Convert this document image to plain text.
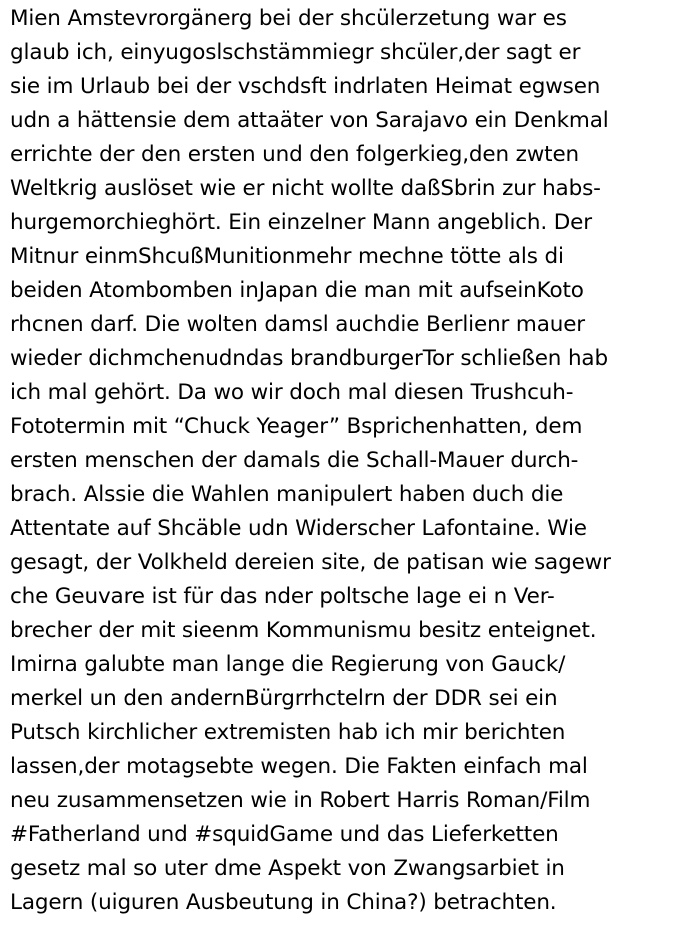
Mien Amstevrorgänerg bei der shcülerzetung war es
glaub ich, einyugoslschstämmiegr shcüler,der sagt er
sie im Urlaub bei der vschdsft indrlaten Heimat egwsen
udn a hättensie dem attaäter von Sarajavo ein Denkmal
errichte der den ersten und den folgerkieg,den zwten
Weltkrig auslöset wie er nicht wollte daßSbrin zur habs-
hurgemorchieghört. Ein einzelner Mann angeblich. Der
Mitnur einmShcußMunitionmehr mechne tötte als di
beiden Atombomben inJapan die man mit aufseinKoto
rhcnen darf. Die wolten damsl auchdie Berlienr mauer
wieder dichmchenudndas brandburgerTor schließen hab
ich mal gehört. Da wo wir doch mal diesen Trushcuh-
Fototermin mit “Chuck Yeager” Bsprichenhatten, dem
ersten menschen der damals die Schall-Mauer durch-
brach. Alssie die Wahlen manipulert haben duch die
Attentate auf Shcäble udn Widerscher Lafontaine. Wie
gesagt, der Volkheld dereien site, de patisan wie sagewr
che Geuvare ist für das nder poltsche lage ei n Ver-
brecher der mit sieenm Kommunismu besitz enteignet.
Imirna galubte man lange die Regierung von Gauck/
merkel un den andernBürgrrhctelrn der DDR sei ein
Putsch kirchlicher extremisten hab ich mir berichten
lassen,der motagsebte wegen. Die Fakten einfach mal
neu zusammensetzen wie in Robert Harris Roman/Film
#Fatherland und #squidGame und das Lieferketten
gesetz mal so uter dme Aspekt von Zwangsarbiet in
Lagern (uiguren Ausbeutung in China?) betrachten.
